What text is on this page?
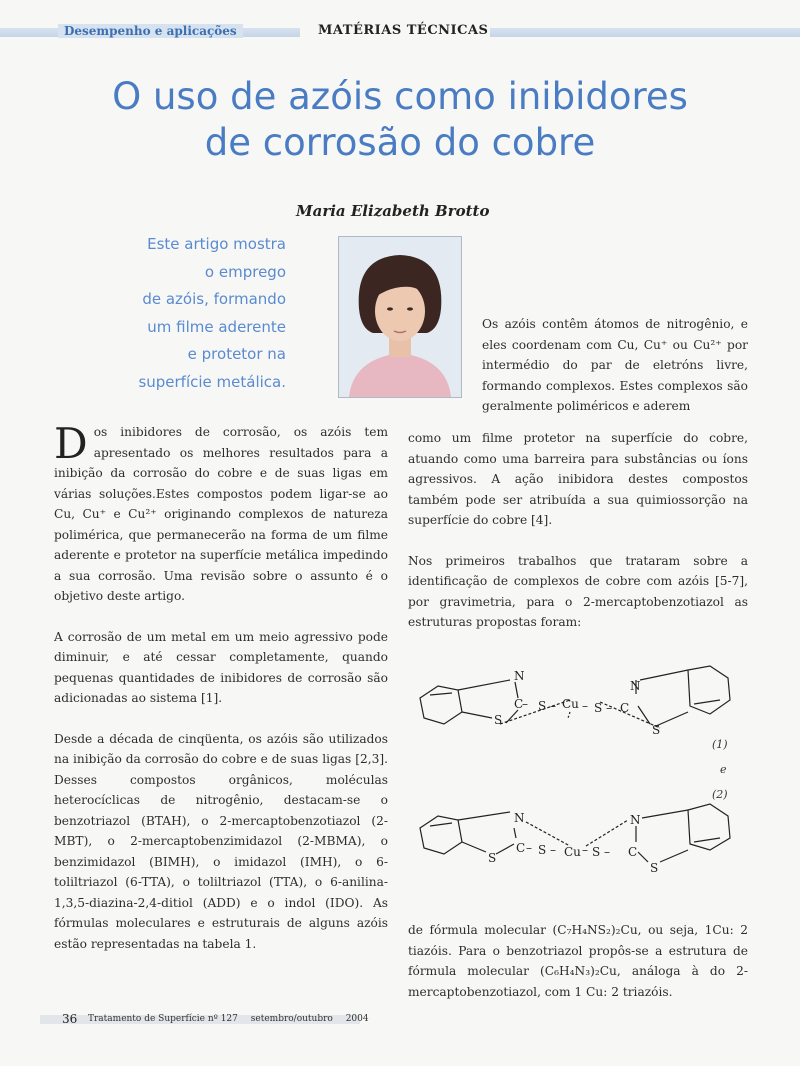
Desempenho e aplicações	MATÉRIAS TÉCNICAS
O uso de azóis como inibidores
de corrosão do cobre
Maria Elizabeth Brotto
Este artigo mostra
o emprego
de azóis, formando
um filme aderente
e protetor na
superfície metálica.

Dos inibidores de corrosão, os azóis tem apresentado os melhores resultados para a inibição da corrosão do cobre e de suas ligas em várias soluções.Estes compostos podem ligar-se ao Cu, Cu⁺ e Cu²⁺ originando complexos de natureza polimérica, que permanecerão na forma de um filme aderente e protetor na superfície metálica impedindo a sua corrosão. Uma revisão sobre o assunto é o objetivo deste artigo.

A corrosão de um metal em um meio agressivo pode diminuir, e até cessar completamente, quando pequenas quantidades de inibidores de corrosão são adicionadas ao sistema [1].

Desde a década de cinqüenta, os azóis são utilizados na inibição da corrosão do cobre e de suas ligas [2,3]. Desses compostos orgânicos, moléculas heterocíclicas de nitrogênio, destacam-se o benzotriazol (BTAH), o 2-mercaptobenzotiazol (2-MBT), o 2-mercaptobenzimidazol (2-MBMA), o benzimidazol (BIMH), o imidazol (IMH), o 6-toliltriazol (6-TTA), o toliltriazol (TTA), o 6-anilina-1,3,5-diazina-2,4-ditiol (ADD) e o indol (IDO). As fórmulas moleculares e estruturais de alguns azóis estão representadas na tabela 1.

Os azóis contêm átomos de nitrogênio, e eles coordenam com Cu, Cu⁺ ou Cu²⁺ por intermédio do par de eletróns livre, formando complexos. Estes complexos são geralmente poliméricos e aderem

como um filme protetor na superfície do cobre, atuando como uma barreira para substâncias ou íons agressivos. A ação inibidora destes compostos também pode ser atribuída a sua quimiossorção na superfície do cobre [4].

Nos primeiros trabalhos que trataram sobre a identificação de complexos de cobre com azóis [5-7], por gravimetria, para o 2-mercaptobenzotiazol as estruturas propostas foram:

N
C
– S – Cu – S – C
S
N
S
N
C – S – Cu – S – C
S
N
S
(1)
e
(2)

de fórmula molecular (C₇H₄NS₂)₂Cu, ou seja, 1Cu: 2 tiazóis. Para o benzotriazol propôs-se a estrutura de fórmula molecular (C₆H₄N₃)₂Cu, análoga à do 2-mercaptobenzotiazol, com 1 Cu: 2 triazóis.

36 Tratamento de Superfície nº 127 setembro/outubro 2004
